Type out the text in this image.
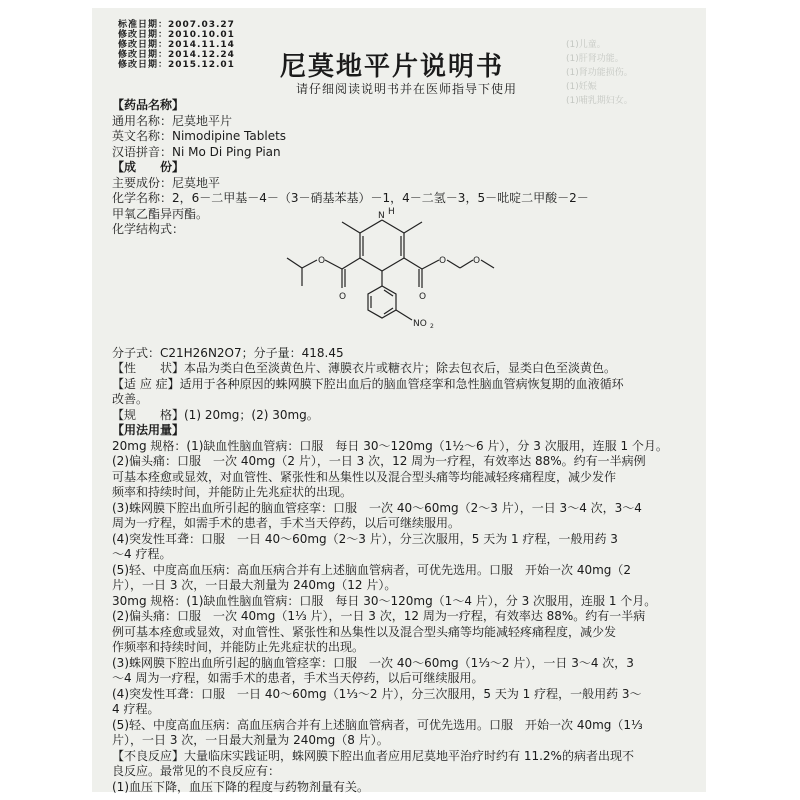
(1)儿童。
(1)肝肾功能。
(1)肾功能损伤。
(1)妊娠
(1)哺乳期妇女。
标准日期：2007.03.27
修改日期：2010.10.01
修改日期：2014.11.14
修改日期：2014.12.24
修改日期：2015.12.01 尼莫地平片说明书
请仔细阅读说明书并在医师指导下使用
【药品名称】
通用名称：尼莫地平片
英文名称：Nimodipine Tablets
汉语拼音：Ni Mo Di Ping Pian
【成　　份】
主要成份：尼莫地平
化学名称：2，6－二甲基－4－（3－硝基苯基）－1，4－二氢－3，5－吡啶二甲酸－2－
甲氧乙酯异丙酯。
化学结构式：
分子式：C21H26N2O7；分子量：418.45
【性　　状】本品为类白色至淡黄色片、薄膜衣片或糖衣片；除去包衣后，显类白色至淡黄色。
【适 应 症】适用于各种原因的蛛网膜下腔出血后的脑血管痉挛和急性脑血管病恢复期的血液循环
改善。
【规　　格】(1) 20mg；(2) 30mg。
【用法用量】
20mg 规格：(1)缺血性脑血管病：口服　每日 30～120mg（1½～6 片），分 3 次服用，连服 1 个月。
(2)偏头痛：口服　一次 40mg（2 片），一日 3 次，12 周为一疗程，有效率达 88%。约有一半病例
可基本痊愈或显效，对血管性、紧张性和丛集性以及混合型头痛等均能减轻疼痛程度，减少发作
频率和持续时间，并能防止先兆症状的出现。
(3)蛛网膜下腔出血所引起的脑血管痉挛：口服　一次 40～60mg（2～3 片），一日 3～4 次，3～4
周为一疗程，如需手术的患者，手术当天停药，以后可继续服用。
(4)突发性耳聋：口服　一日 40～60mg（2～3 片），分三次服用，5 天为 1 疗程，一般用药 3
～4 疗程。
(5)轻、中度高血压病：高血压病合并有上述脑血管病者，可优先选用。口服　开始一次 40mg（2
片），一日 3 次，一日最大剂量为 240mg（12 片）。
30mg 规格：(1)缺血性脑血管病：口服　每日 30～120mg（1～4 片），分 3 次服用，连服 1 个月。
(2)偏头痛：口服　一次 40mg（1⅓ 片），一日 3 次，12 周为一疗程，有效率达 88%。约有一半病
例可基本痊愈或显效，对血管性、紧张性和丛集性以及混合型头痛等均能减轻疼痛程度，减少发
作频率和持续时间，并能防止先兆症状的出现。
(3)蛛网膜下腔出血所引起的脑血管痉挛：口服　一次 40～60mg（1⅓～2 片），一日 3～4 次，3
～4 周为一疗程，如需手术的患者，手术当天停药，以后可继续服用。
(4)突发性耳聋：口服　一日 40～60mg（1⅓～2 片），分三次服用，5 天为 1 疗程，一般用药 3～
4 疗程。
(5)轻、中度高血压病：高血压病合并有上述脑血管病者，可优先选用。口服　开始一次 40mg（1⅓
片），一日 3 次，一日最大剂量为 240mg（8 片）。
【不良反应】大量临床实践证明，蛛网膜下腔出血者应用尼莫地平治疗时约有 11.2%的病者出现不
良反应。最常见的不良反应有：
(1)血压下降，血压下降的程度与药物剂量有关。
N H
O
O
O
O	O
NO 2
